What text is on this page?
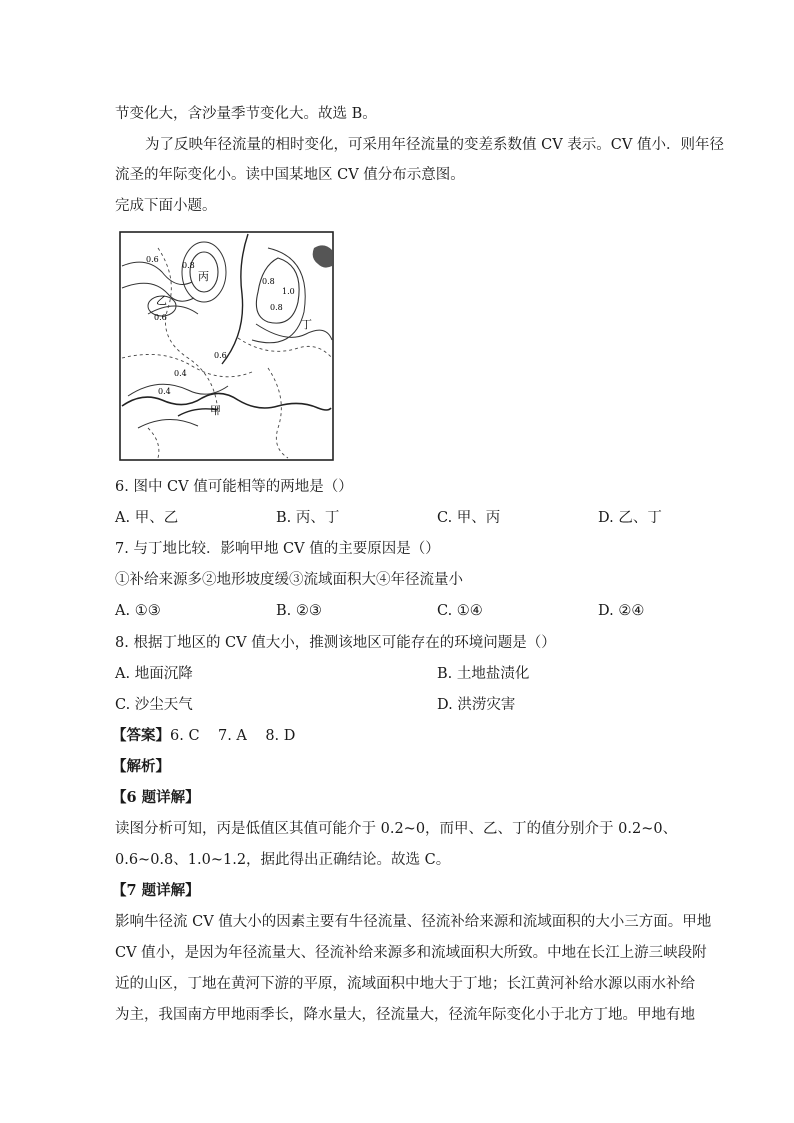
节变化大，含沙量季节变化大。故选 B。
为了反映年径流量的相时变化，可采用年径流量的变差系数值 CV 表示。CV 值小．则年径
流圣的年际变化小。读中国某地区 CV 值分布示意图。
完成下面小题。
丙
乙
甲
丁
0.6
0.8
0.6
0.8
1.0
0.8
0.6
0.4
0.4
6. 图中 CV 值可能相等的两地是（）
A. 甲、乙	B. 丙、丁	C. 甲、丙	D. 乙、丁
7. 与丁地比较．影响甲地 CV 值的主要原因是（）
①补给来源多②地形坡度缓③流域面积大④年径流量小
A. ①③	B. ②③	C. ①④	D. ②④
8. 根据丁地区的 CV 值大小，推测该地区可能存在的环境问题是（）
A. 地面沉降	B. 土地盐渍化
C. 沙尘天气	D. 洪涝灾害
【答案】6. C    7. A    8. D
【解析】
【6 题详解】
读图分析可知，丙是低值区其值可能介于 0.2~0，而甲、乙、丁的值分别介于 0.2~0、
0.6~0.8、1.0~1.2，据此得出正确结论。故选 C。
【7 题详解】
影响牛径流 CV 值大小的因素主要有牛径流量、径流补给来源和流域面积的大小三方面。甲地
CV 值小，是因为年径流量大、径流补给来源多和流域面积大所致。中地在长江上游三峡段附
近的山区，丁地在黄河下游的平原，流域面积中地大于丁地；长江黄河补给水源以雨水补给
为主，我国南方甲地雨季长，降水量大，径流量大，径流年际变化小于北方丁地。甲地有地
